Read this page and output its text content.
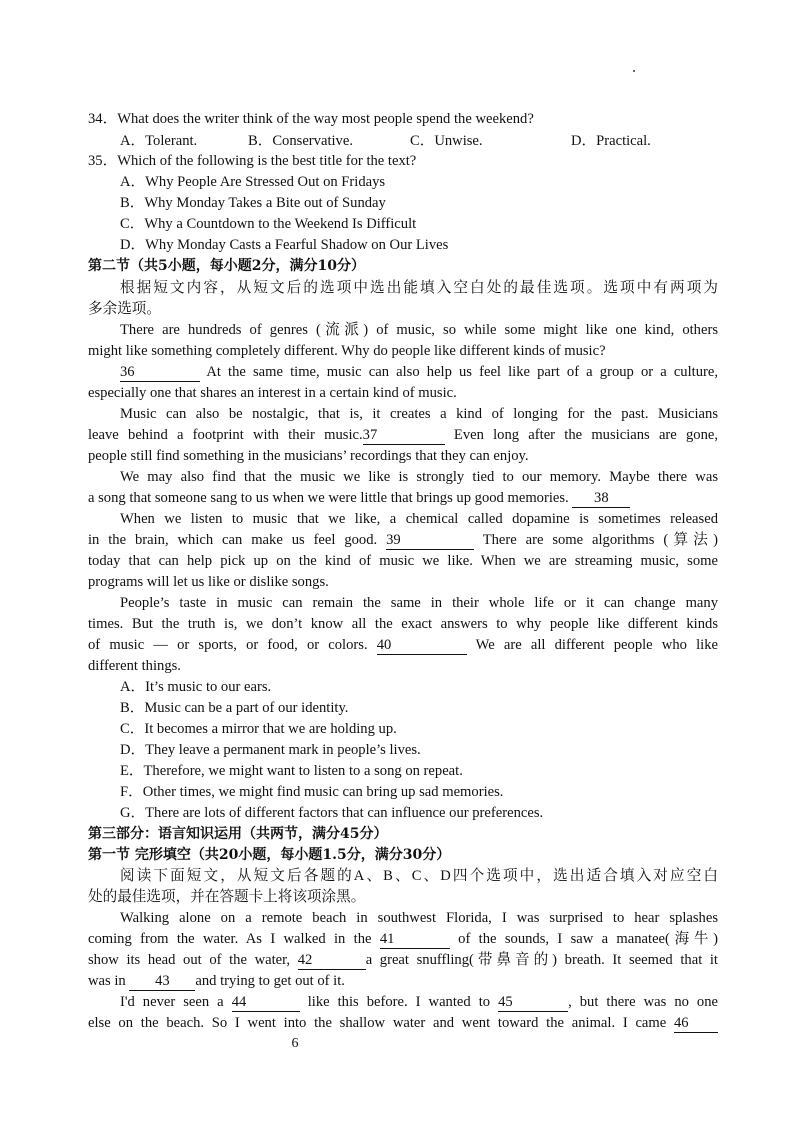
34．What does the writer think of the way most people spend the weekend?
A．Tolerant.	B．Conservative.	C．Unwise.	D．Practical.
35．Which of the following is the best title for the text?
A．Why People Are Stressed Out on Fridays
B．Why Monday Takes a Bite out of Sunday
C．Why a Countdown to the Weekend Is Difficult
D．Why Monday Casts a Fearful Shadow on Our Lives
第二节（共5小题，每小题2分，满分10分）
根据短文内容，从短文后的选项中选出能填入空白处的最佳选项。选项中有两项为
多余选项。
There are hundreds of genres (流派) of music, so while some might like one kind, others
might like something completely different. Why do people like different kinds of music?
36	At the same time, music can also help us feel like part of a group or a culture,
especially one that shares an interest in a certain kind of music.
Music can also be nostalgic, that is, it creates a kind of longing for the past. Musicians
leave behind a footprint with their music.37	Even long after the musicians are gone,
people still find something in the musicians’ recordings that they can enjoy.
We may also find that the music we like is strongly tied to our memory. Maybe there was
a song that someone sang to us when we were little that brings up good memories. 38
When we listen to music that we like, a chemical called dopamine is sometimes released
in the brain, which can make us feel good. 39	There are some algorithms (算法)
today that can help pick up on the kind of music we like. When we are streaming music, some
programs will let us like or dislike songs.
People’s taste in music can remain the same in their whole life or it can change many
times. But the truth is, we don’t know all the exact answers to why people like different kinds
of music — or sports, or food, or colors. 40	We are all different people who like
different things.
A．It’s music to our ears.
B．Music can be a part of our identity.
C．It becomes a mirror that we are holding up.
D．They leave a permanent mark in people’s lives.
E．Therefore, we might want to listen to a song on repeat.
F．Other times, we might find music can bring up sad memories.
G．There are lots of different factors that can influence our preferences.
第三部分：语言知识运用（共两节，满分45分）
第一节 完形填空（共20小题，每小题1.5分，满分30分）
阅读下面短文，从短文后各题的A、B、C、D四个选项中，选出适合填入对应空白
处的最佳选项，并在答题卡上将该项涂黑。
Walking alone on a remote beach in southwest Florida, I was surprised to hear splashes
coming from the water. As I walked in the 41	of the sounds, I saw a manatee(海牛)
show its head out of the water, 42	a great snuffling(带鼻音的) breath. It seemed that it
was in 43 and trying to get out of it.
I'd never seen a 44	like this before. I wanted to 45	, but there was no one
else on the beach. So I went into the shallow water and went toward the animal. I came 46
6
